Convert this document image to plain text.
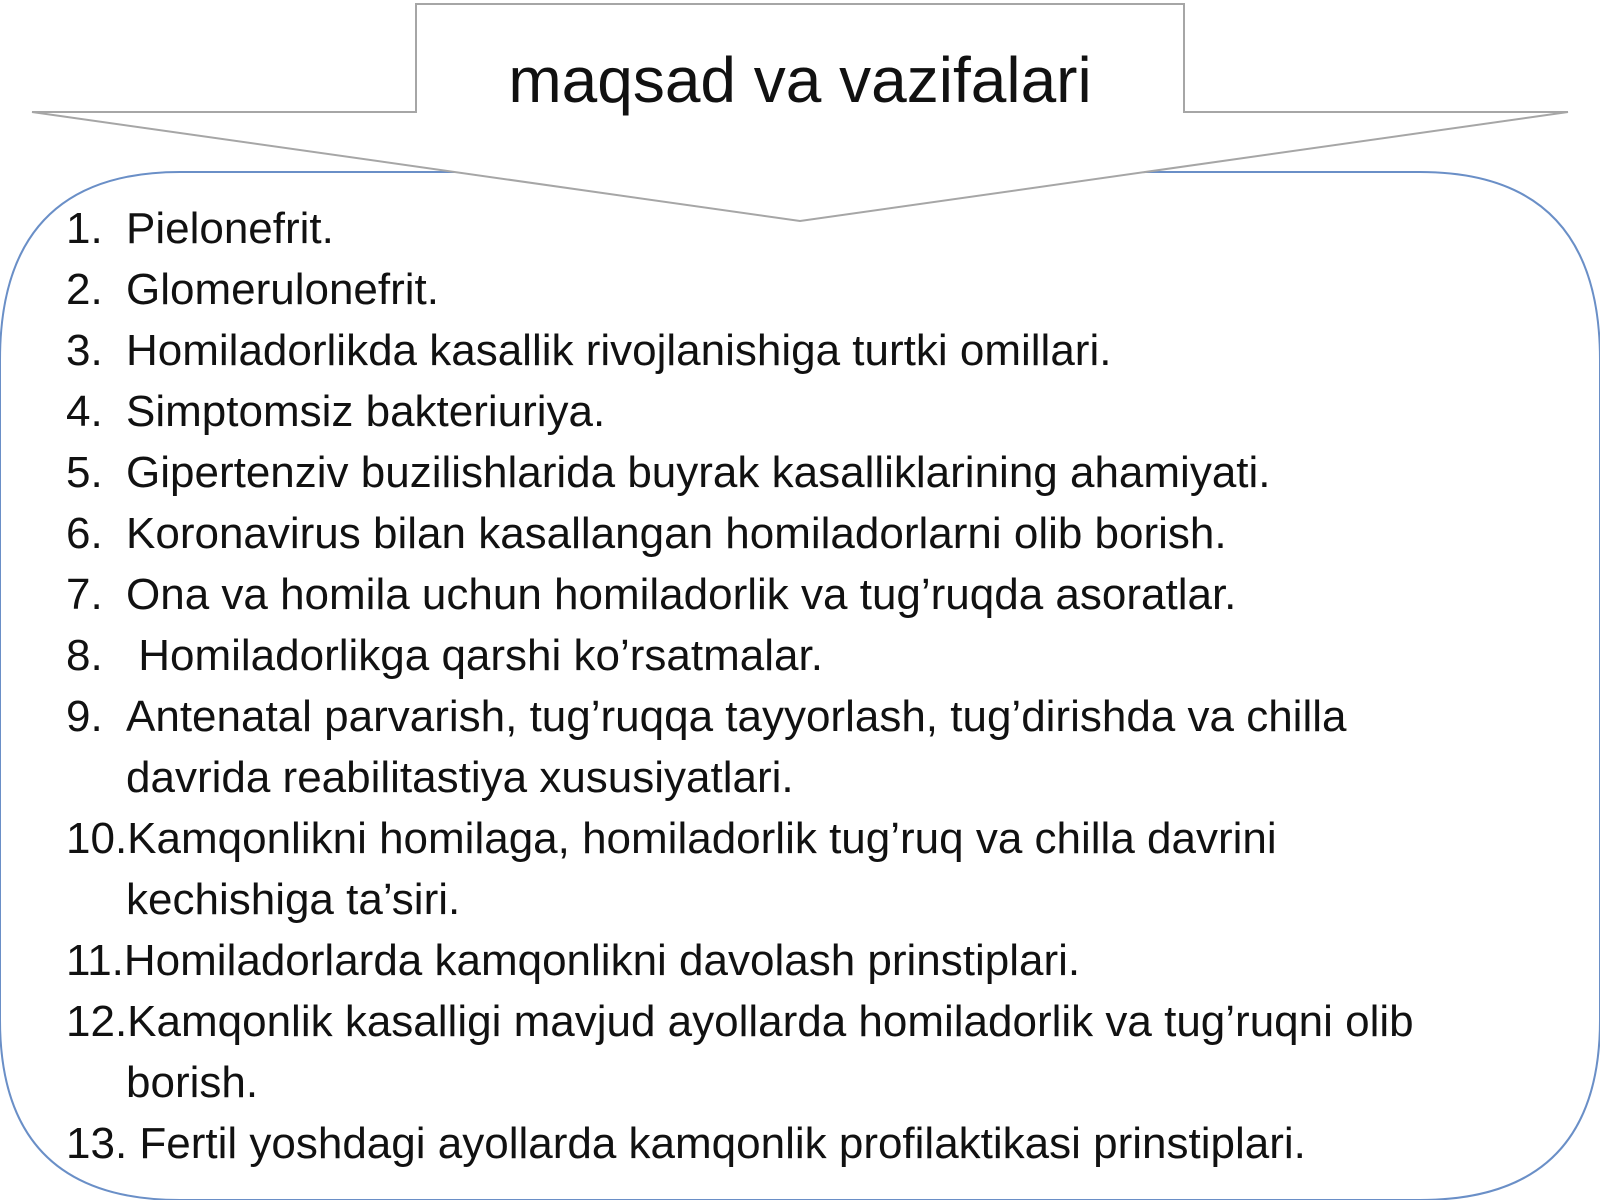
maqsad va vazifalari
1. Pielonefrit.
2. Glomerulonefrit.
3. Homiladorlikda kasallik rivojlanishiga turtki omillari.
4. Simptomsiz bakteriuriya.
5. Gipertenziv buzilishlarida buyrak kasalliklarining ahamiyati.
6. Koronavirus bilan kasallangan homiladorlarni olib borish.
7. Ona va homila uchun homiladorlik va tug’ruqda asoratlar.
8. Homiladorlikga qarshi ko’rsatmalar.
9. Antenatal parvarish, tug’ruqqa tayyorlash, tug’dirishda va chilla
davrida reabilitastiya xususiyatlari.
10.Kamqonlikni homilaga, homiladorlik tug’ruq va chilla davrini
kechishiga ta’siri.
11.Homiladorlarda kamqonlikni davolash prinstiplari.
12.Kamqonlik kasalligi mavjud ayollarda homiladorlik va tug’ruqni olib
borish.
13. Fertil yoshdagi ayollarda kamqonlik profilaktikasi prinstiplari.
